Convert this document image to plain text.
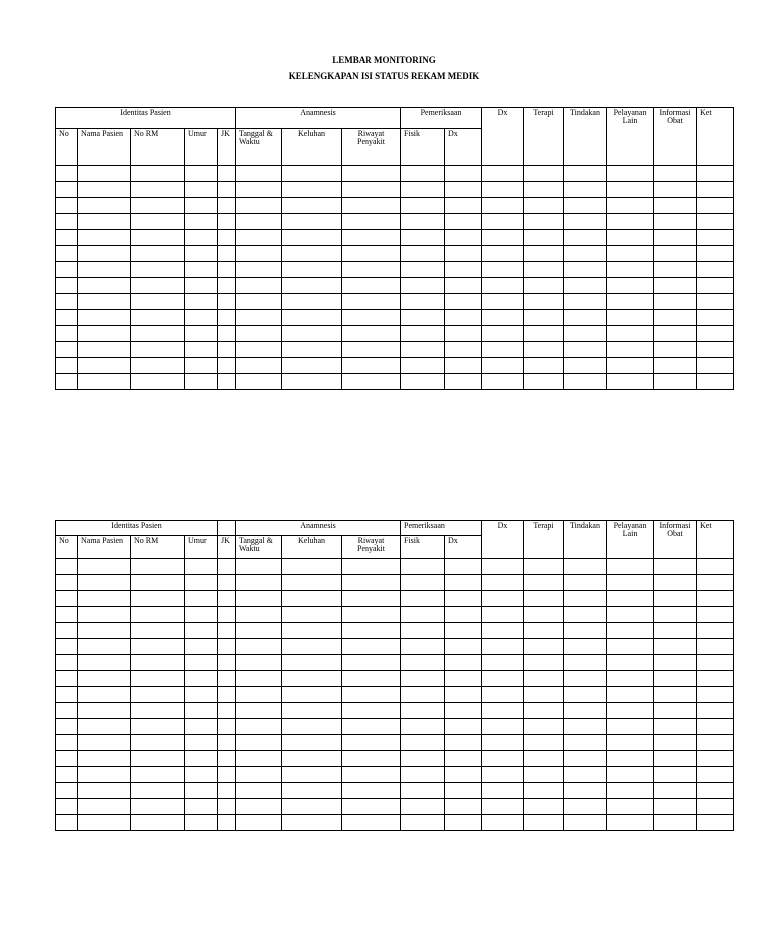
LEMBAR MONITORING
KELENGKAPAN ISI STATUS REKAM MEDIK
Identitas Pasien					Anamnesis			Pemeriksaan		Dx	Terapi	Tindakan	Pelayanan Lain	Informasi Obat	Ket
No	Nama Pasien	No RM	Umur	JK	Tanggal & Waktu	Keluhan	Riwayat Penyakit	Fisik	Dx						

Identitas Pasien					Anamnesis			Pemeriksaan		Dx	Terapi	Tindakan	Pelayanan Lain	Informasi Obat	Ket
No	Nama Pasien	No RM	Umur	JK	Tanggal & Waktu	Keluhan	Riwayat Penyakit	Fisik	Dx						
